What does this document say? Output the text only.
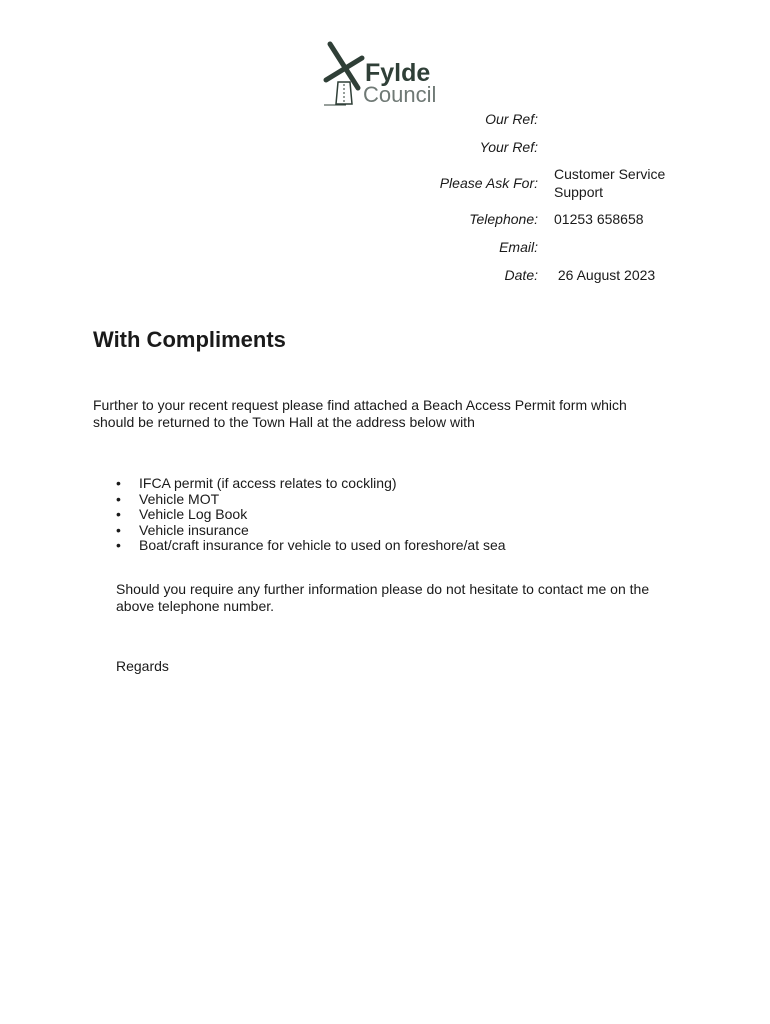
Fylde
Council
Our Ref:
Your Ref:
Please Ask For:
Customer Service
Support
Telephone: 01253 658658
Email:
Date: 26 August 2023
With Compliments

Further to your recent request please find attached a Beach Access Permit form which should be returned to the Town Hall at the address below with

• IFCA permit (if access relates to cockling)
• Vehicle MOT
• Vehicle Log Book
• Vehicle insurance
• Boat/craft insurance for vehicle to used on foreshore/at sea

Should you require any further information please do not hesitate to contact me on the above telephone number.

Regards
